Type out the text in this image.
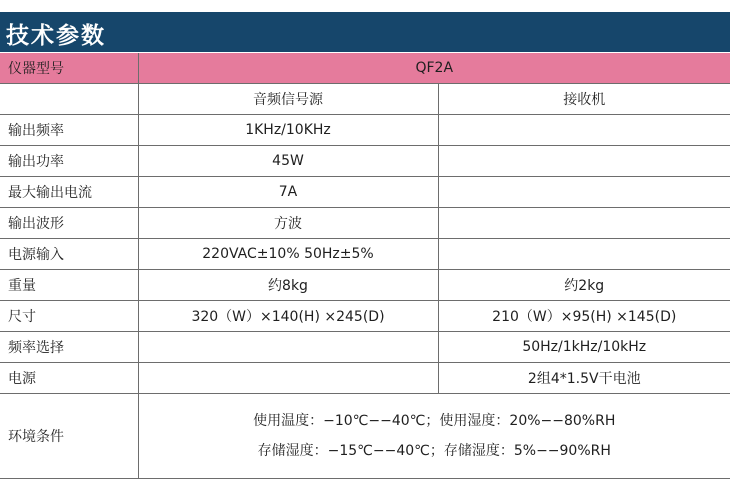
技术参数
仪器型号	QF2A	
	音频信号源	接收机
输出频率	1KHz/10KHz	
输出功率	45W	
最大输出电流	7A	
输出波形	方波	
电源输入	220VAC±10% 50Hz±5%	
重量	约8kg	约2kg
尺寸	320（W）×140(H) ×245(D)	210（W）×95(H) ×145(D)
频率选择		50Hz/1kHz/10kHz
电源		2组4*1.5V干电池
环境条件	使用温度：−10℃−−40℃；使用湿度：20%−−80%RH
存储湿度：−15℃−−40℃；存储湿度：5%−−90%RH	
